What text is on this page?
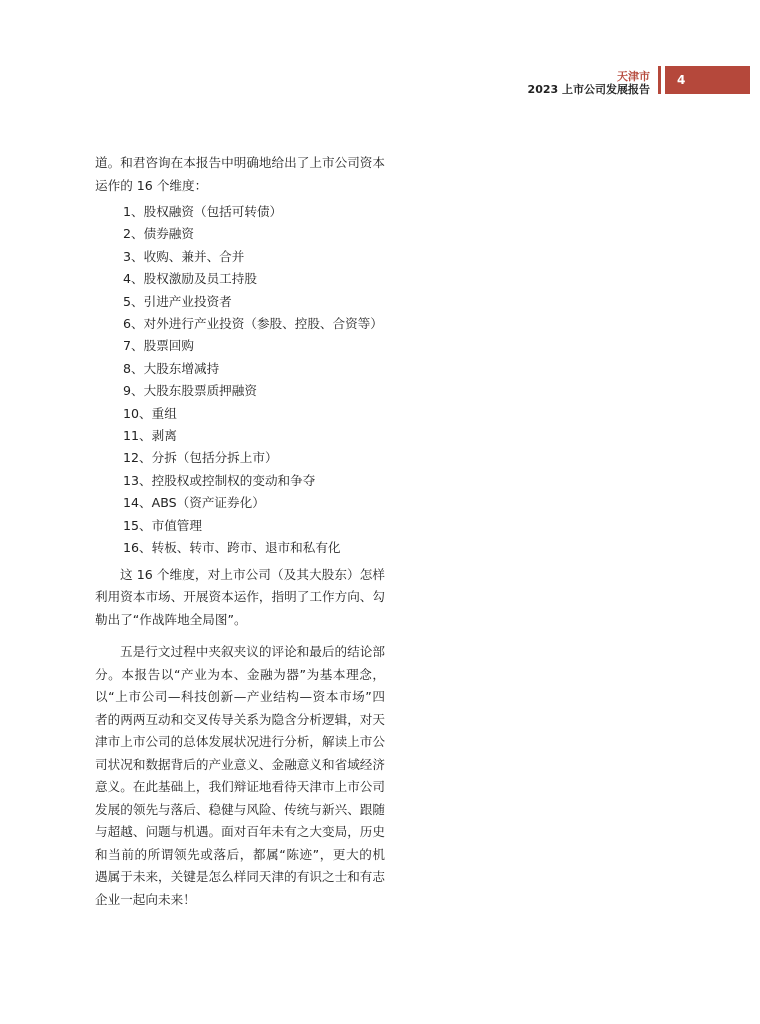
天津市
2023 上市公司发展报告
4

道。和君咨询在本报告中明确地给出了上市公司资本运作的 16 个维度：

1、股权融资（包括可转债）
2、债券融资
3、收购、兼并、合并
4、股权激励及员工持股
5、引进产业投资者
6、对外进行产业投资（参股、控股、合资等）
7、股票回购
8、大股东增减持
9、大股东股票质押融资
10、重组
11、剥离
12、分拆（包括分拆上市）
13、控股权或控制权的变动和争夺
14、ABS（资产证券化）
15、市值管理
16、转板、转市、跨市、退市和私有化

这 16 个维度，对上市公司（及其大股东）怎样利用资本市场、开展资本运作，指明了工作方向、勾勒出了“作战阵地全局图”。

五是行文过程中夹叙夹议的评论和最后的结论部分。本报告以“产业为本、金融为器”为基本理念，以“上市公司—科技创新—产业结构—资本市场”四者的两两互动和交叉传导关系为隐含分析逻辑，对天津市上市公司的总体发展状况进行分析，解读上市公司状况和数据背后的产业意义、金融意义和省域经济意义。在此基础上，我们辩证地看待天津市上市公司发展的领先与落后、稳健与风险、传统与新兴、跟随与超越、问题与机遇。面对百年未有之大变局，历史和当前的所谓领先或落后，都属“陈迹”，更大的机遇属于未来，关键是怎么样同天津的有识之士和有志企业一起向未来！
